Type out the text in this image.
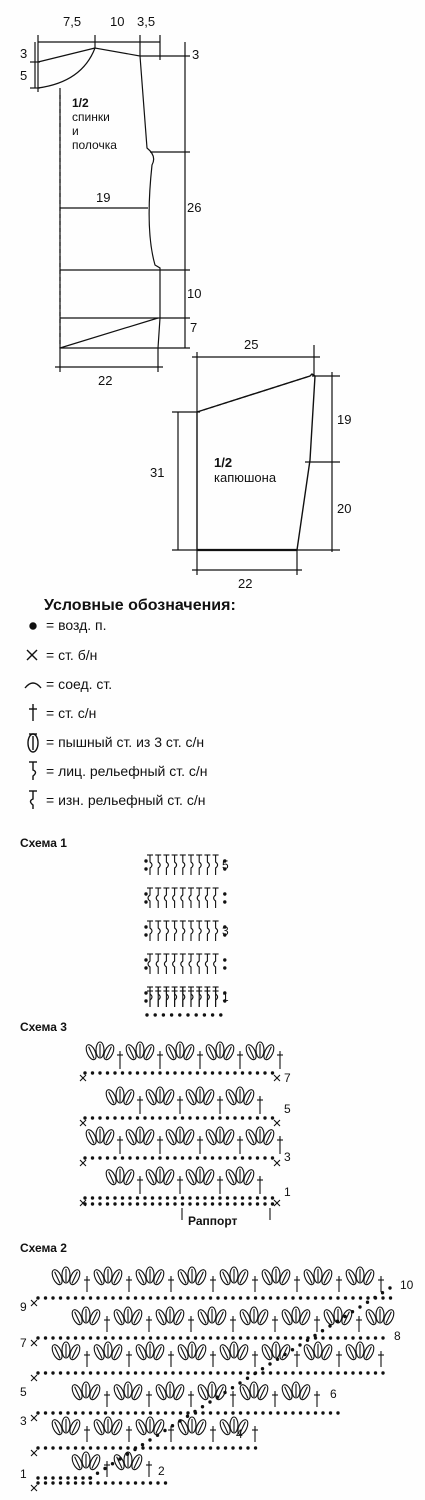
7,5 10 3,5
3
5
3
26
10
7
19
22
1/2
спинки
и
полочка
25
31
19
20
22
1/2
капюшона
Условные обозначения:
= возд. п.
= ст. б/н
= соед. ст.
= ст. с/н
= пышный ст. из 3 ст. с/н
= лиц. рельефный ст. с/н
= изн. рельефный ст. с/н
Схема 1
5
3
1
Схема 3
7
5
3
1
Раппорт
Схема 2
9
7
5
3
1
10
8
6
4
2
